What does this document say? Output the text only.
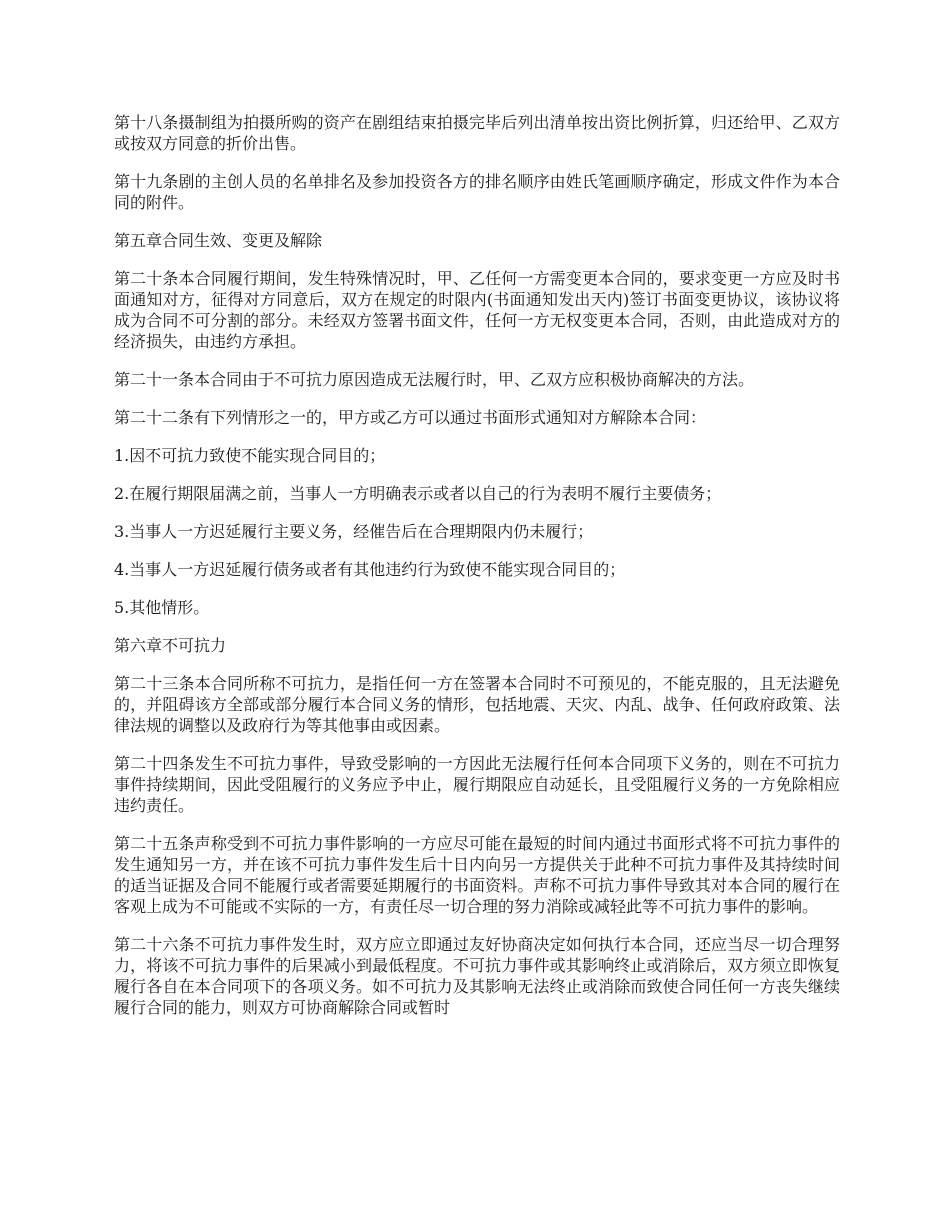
第十八条摄制组为拍摄所购的资产在剧组结束拍摄完毕后列出清单按出资比例折算，归还给甲、乙双方或按双方同意的折价出售。

第十九条剧的主创人员的名单排名及参加投资各方的排名顺序由姓氏笔画顺序确定，形成文件作为本合同的附件。

第五章合同生效、变更及解除

第二十条本合同履行期间，发生特殊情况时，甲、乙任何一方需变更本合同的，要求变更一方应及时书面通知对方，征得对方同意后，双方在规定的时限内(书面通知发出天内)签订书面变更协议，该协议将成为合同不可分割的部分。未经双方签署书面文件，任何一方无权变更本合同，否则，由此造成对方的经济损失，由违约方承担。

第二十一条本合同由于不可抗力原因造成无法履行时，甲、乙双方应积极协商解决的方法。

第二十二条有下列情形之一的，甲方或乙方可以通过书面形式通知对方解除本合同：

1.因不可抗力致使不能实现合同目的；

2.在履行期限届满之前，当事人一方明确表示或者以自己的行为表明不履行主要债务；

3.当事人一方迟延履行主要义务，经催告后在合理期限内仍未履行；

4.当事人一方迟延履行债务或者有其他违约行为致使不能实现合同目的；

5.其他情形。

第六章不可抗力

第二十三条本合同所称不可抗力，是指任何一方在签署本合同时不可预见的，不能克服的，且无法避免的，并阻碍该方全部或部分履行本合同义务的情形，包括地震、天灾、内乱、战争、任何政府政策、法律法规的调整以及政府行为等其他事由或因素。

第二十四条发生不可抗力事件，导致受影响的一方因此无法履行任何本合同项下义务的，则在不可抗力事件持续期间，因此受阻履行的义务应予中止，履行期限应自动延长，且受阻履行义务的一方免除相应违约责任。

第二十五条声称受到不可抗力事件影响的一方应尽可能在最短的时间内通过书面形式将不可抗力事件的发生通知另一方，并在该不可抗力事件发生后十日内向另一方提供关于此种不可抗力事件及其持续时间的适当证据及合同不能履行或者需要延期履行的书面资料。声称不可抗力事件导致其对本合同的履行在客观上成为不可能或不实际的一方，有责任尽一切合理的努力消除或减轻此等不可抗力事件的影响。

第二十六条不可抗力事件发生时，双方应立即通过友好协商决定如何执行本合同，还应当尽一切合理努力，将该不可抗力事件的后果减小到最低程度。不可抗力事件或其影响终止或消除后，双方须立即恢复履行各自在本合同项下的各项义务。如不可抗力及其影响无法终止或消除而致使合同任何一方丧失继续履行合同的能力，则双方可协商解除合同或暂时
